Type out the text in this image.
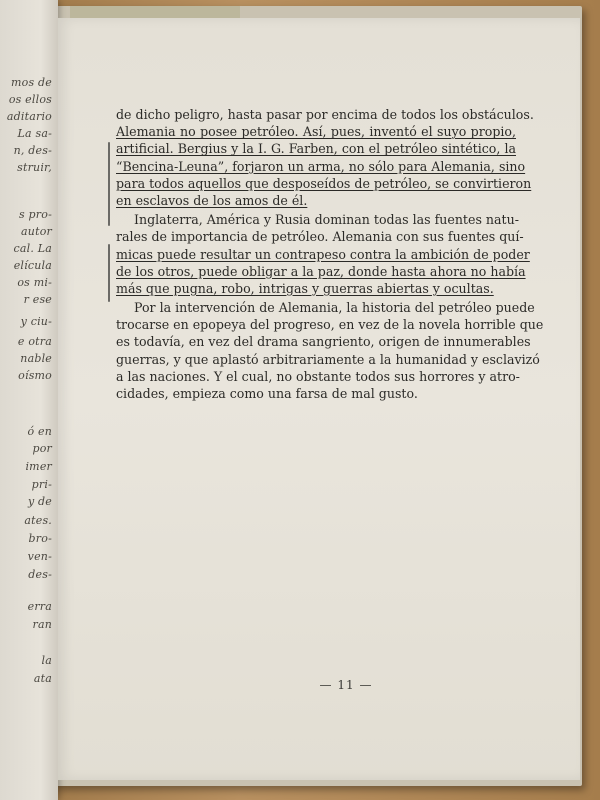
mos de
os ellos
aditario
La sa-
n, des-
struir,
s pro-
autor
cal. La
elícula
os mi-
r ese
y ciu-
e otra
nable
oísmo
ó en
por
imer
pri-
y de
ates.
bro-
ven-
des-
erra
ran
la
ata
de dicho peligro, hasta pasar por encima de todos los obstáculos.
Alemania no posee petróleo. Así, pues, inventó el suyo propio,
artificial. Bergius y la I. G. Farben, con el petróleo sintético, la
“Bencina-Leuna”, forjaron un arma, no sólo para Alemania, sino
para todos aquellos que desposeídos de petróleo, se convirtieron
en esclavos de los amos de él.
Inglaterra, América y Rusia dominan todas las fuentes natu-
rales de importancia de petróleo. Alemania con sus fuentes quí-
micas puede resultar un contrapeso contra la ambición de poder
de los otros, puede obligar a la paz, donde hasta ahora no había
más que pugna, robo, intrigas y guerras abiertas y ocultas.
Por la intervención de Alemania, la historia del petróleo puede
trocarse en epopeya del progreso, en vez de la novela horrible que
es todavía, en vez del drama sangriento, origen de innumerables
guerras, y que aplastó arbitrariamente a la humanidad y esclavizó
a las naciones. Y el cual, no obstante todos sus horrores y atro-
cidades, empieza como una farsa de mal gusto.
— 11 —
